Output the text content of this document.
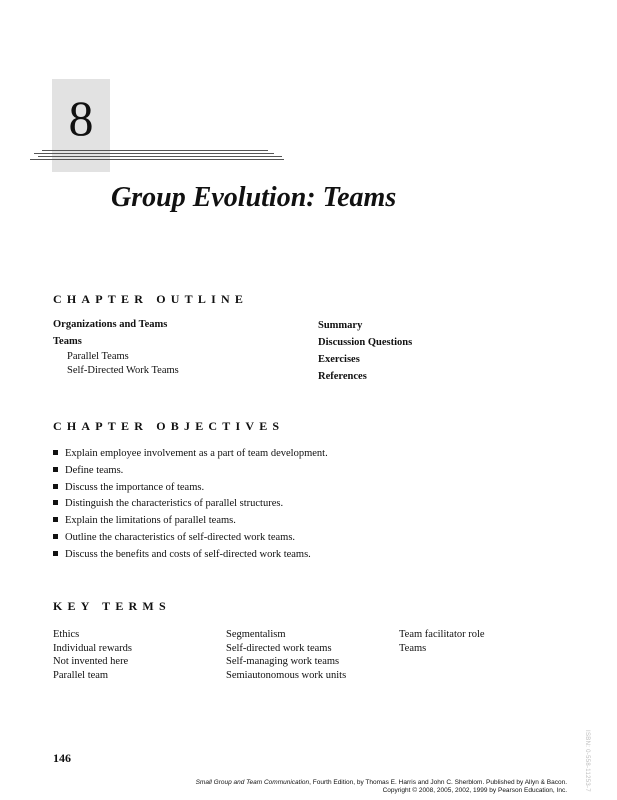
8
Group Evolution: Teams
CHAPTER OUTLINE
Organizations and Teams
Teams
Parallel Teams
Self-Directed Work Teams
Summary
Discussion Questions
Exercises
References
CHAPTER OBJECTIVES
Explain employee involvement as a part of team development.
Define teams.
Discuss the importance of teams.
Distinguish the characteristics of parallel structures.
Explain the limitations of parallel teams.
Outline the characteristics of self-directed work teams.
Discuss the benefits and costs of self-directed work teams.
KEY TERMS
Ethics
Individual rewards
Not invented here
Parallel team
Segmentalism
Self-directed work teams
Self-managing work teams
Semiautonomous work units
Team facilitator role
Teams
ISBN: 0-558-11253-7
146
Small Group and Team Communication, Fourth Edition, by Thomas E. Harris and John C. Sherblom. Published by Allyn & Bacon.
Copyright © 2008, 2005, 2002, 1999 by Pearson Education, Inc.
